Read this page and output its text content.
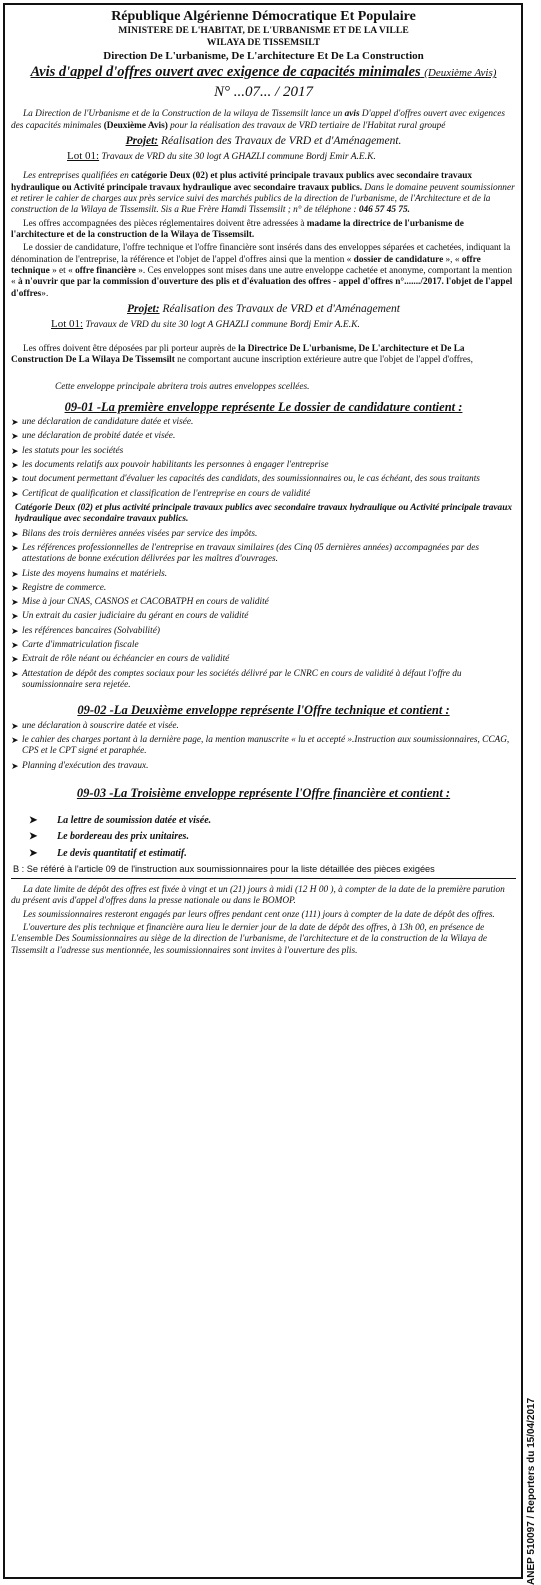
République Algérienne Démocratique Et Populaire
MINISTERE DE L'HABITAT, DE L'URBANISME ET DE LA VILLE
WILAYA DE TISSEMSILT
Direction De L'urbanisme, De L'architecture Et De La Construction
Avis d'appel d'offres ouvert avec exigence de capacités minimales (Deuxième Avis)
N° ...07... / 2017

La Direction de l'Urbanisme et de la Construction de la wilaya de Tissemsilt lance un avis D'appel d'offres ouvert avec exigences des capacités minimales (Deuxième Avis) pour la réalisation des travaux de VRD tertiaire de l'Habitat rural groupé

Projet: Réalisation des Travaux de VRD et d'Aménagement.
Lot 01: Travaux de VRD du site 30 logt A GHAZLI commune Bordj Emir A.E.K.

Les entreprises qualifiées en catégorie Deux (02) et plus activité principale travaux publics avec secondaire travaux hydraulique ou Activité principale travaux hydraulique avec secondaire travaux publics. Dans le domaine peuvent soumissionner et retirer le cahier de charges aux près service suivi des marchés publics de la direction de l'urbanisme, de l'Architecture et de la construction de la Wilaya de Tissemsilt. Sis a Rue Frère Hamdi Tissemsilt ; n° de téléphone : 046 57 45 75.

Les offres accompagnées des pièces réglementaires doivent être adressées à madame la directrice de l'urbanisme de l'architecture et de la construction de la Wilaya de Tissemsilt.

Le dossier de candidature, l'offre technique et l'offre financière sont insérés dans des enveloppes séparées et cachetées, indiquant la dénomination de l'entreprise, la référence et l'objet de l'appel d'offres ainsi que la mention « dossier de candidature », « offre technique » et « offre financière ». Ces enveloppes sont mises dans une autre enveloppe cachetée et anonyme, comportant la mention « à n'ouvrir que par la commission d'ouverture des plis et d'évaluation des offres - appel d'offres n°......./2017. l'objet de l'appel d'offres».

Projet: Réalisation des Travaux de VRD et d'Aménagement
Lot 01: Travaux de VRD du site 30 logt A GHAZLI commune Bordj Emir A.E.K.

Les offres doivent être déposées par pli porteur auprès de la Directrice De L'urbanisme, De L'architecture et De La Construction De La Wilaya De Tissemsilt ne comportant aucune inscription extérieure autre que l'objet de l'appel d'offres,

Cette enveloppe principale abritera trois autres enveloppes scellées.

09-01 -La première enveloppe représente Le dossier de candidature contient :
➤ une déclaration de candidature datée et visée.
➤ une déclaration de probité datée et visée.
➤ les statuts pour les sociétés
➤ les documents relatifs aux pouvoir habilitants les personnes à engager l'entreprise
➤ tout document permettant d'évaluer les capacités des candidats, des soumissionnaires ou, le cas échéant, des sous traitants
➤ Certificat de qualification et classification de l'entreprise en cours de validité
Catégorie Deux (02) et plus activité principale travaux publics avec secondaire travaux hydraulique ou Activité principale travaux hydraulique avec secondaire travaux publics.
➤ Bilans des trois dernières années visées par service des impôts.
➤ Les références professionnelles de l'entreprise en travaux similaires (des Cinq 05 dernières années) accompagnées par des attestations de bonne exécution délivrées par les maîtres d'ouvrages.
➤ Liste des moyens humains et matériels.
➤ Registre de commerce.
➤ Mise à jour CNAS, CASNOS et CACOBATPH en cours de validité
➤ Un extrait du casier judiciaire du gérant en cours de validité
➤ les références bancaires (Solvabilité)
➤ Carte d'immatriculation fiscale
➤ Extrait de rôle néant ou échéancier en cours de validité
➤ Attestation de dépôt des comptes sociaux pour les sociétés délivré par le CNRC en cours de validité à défaut l'offre du soumissionnaire sera rejetée.
09-02 -La Deuxième enveloppe représente l'Offre technique et contient :
➤ une déclaration à souscrire datée et visée.
➤ le cahier des charges portant à la dernière page, la mention manuscrite « lu et accepté ».Instruction aux soumissionnaires, CCAG, CPS et le CPT signé et paraphée.
➤ Planning d'exécution des travaux.
09-03 -La Troisième enveloppe représente l'Offre financière et contient :
➤ La lettre de soumission datée et visée.
➤ Le bordereau des prix unitaires.
➤ Le devis quantitatif et estimatif.
B : Se référé à l'article 09 de l'instruction aux soumissionnaires pour la liste détaillée des pièces exigées

La date limite de dépôt des offres est fixée à vingt et un (21) jours à midi (12 H 00 ), à compter de la date de la première parution du présent avis d'appel d'offres dans la presse nationale ou dans le BOMOP.

Les soumissionnaires resteront engagés par leurs offres pendant cent onze (111) jours à compter de la date de dépôt des offres.

L'ouverture des plis technique et financière aura lieu le dernier jour de la date de dépôt des offres, à 13h 00, en présence de L'ensemble Des Soumissionnaires au siège de la direction de l'urbanisme, de l'architecture et de la construction de la Wilaya de Tissemsilt a l'adresse sus mentionnée, les soumissionnaires sont invites à l'ouverture des plis.

ANEP 510097 / Reporters du 15/04/2017
